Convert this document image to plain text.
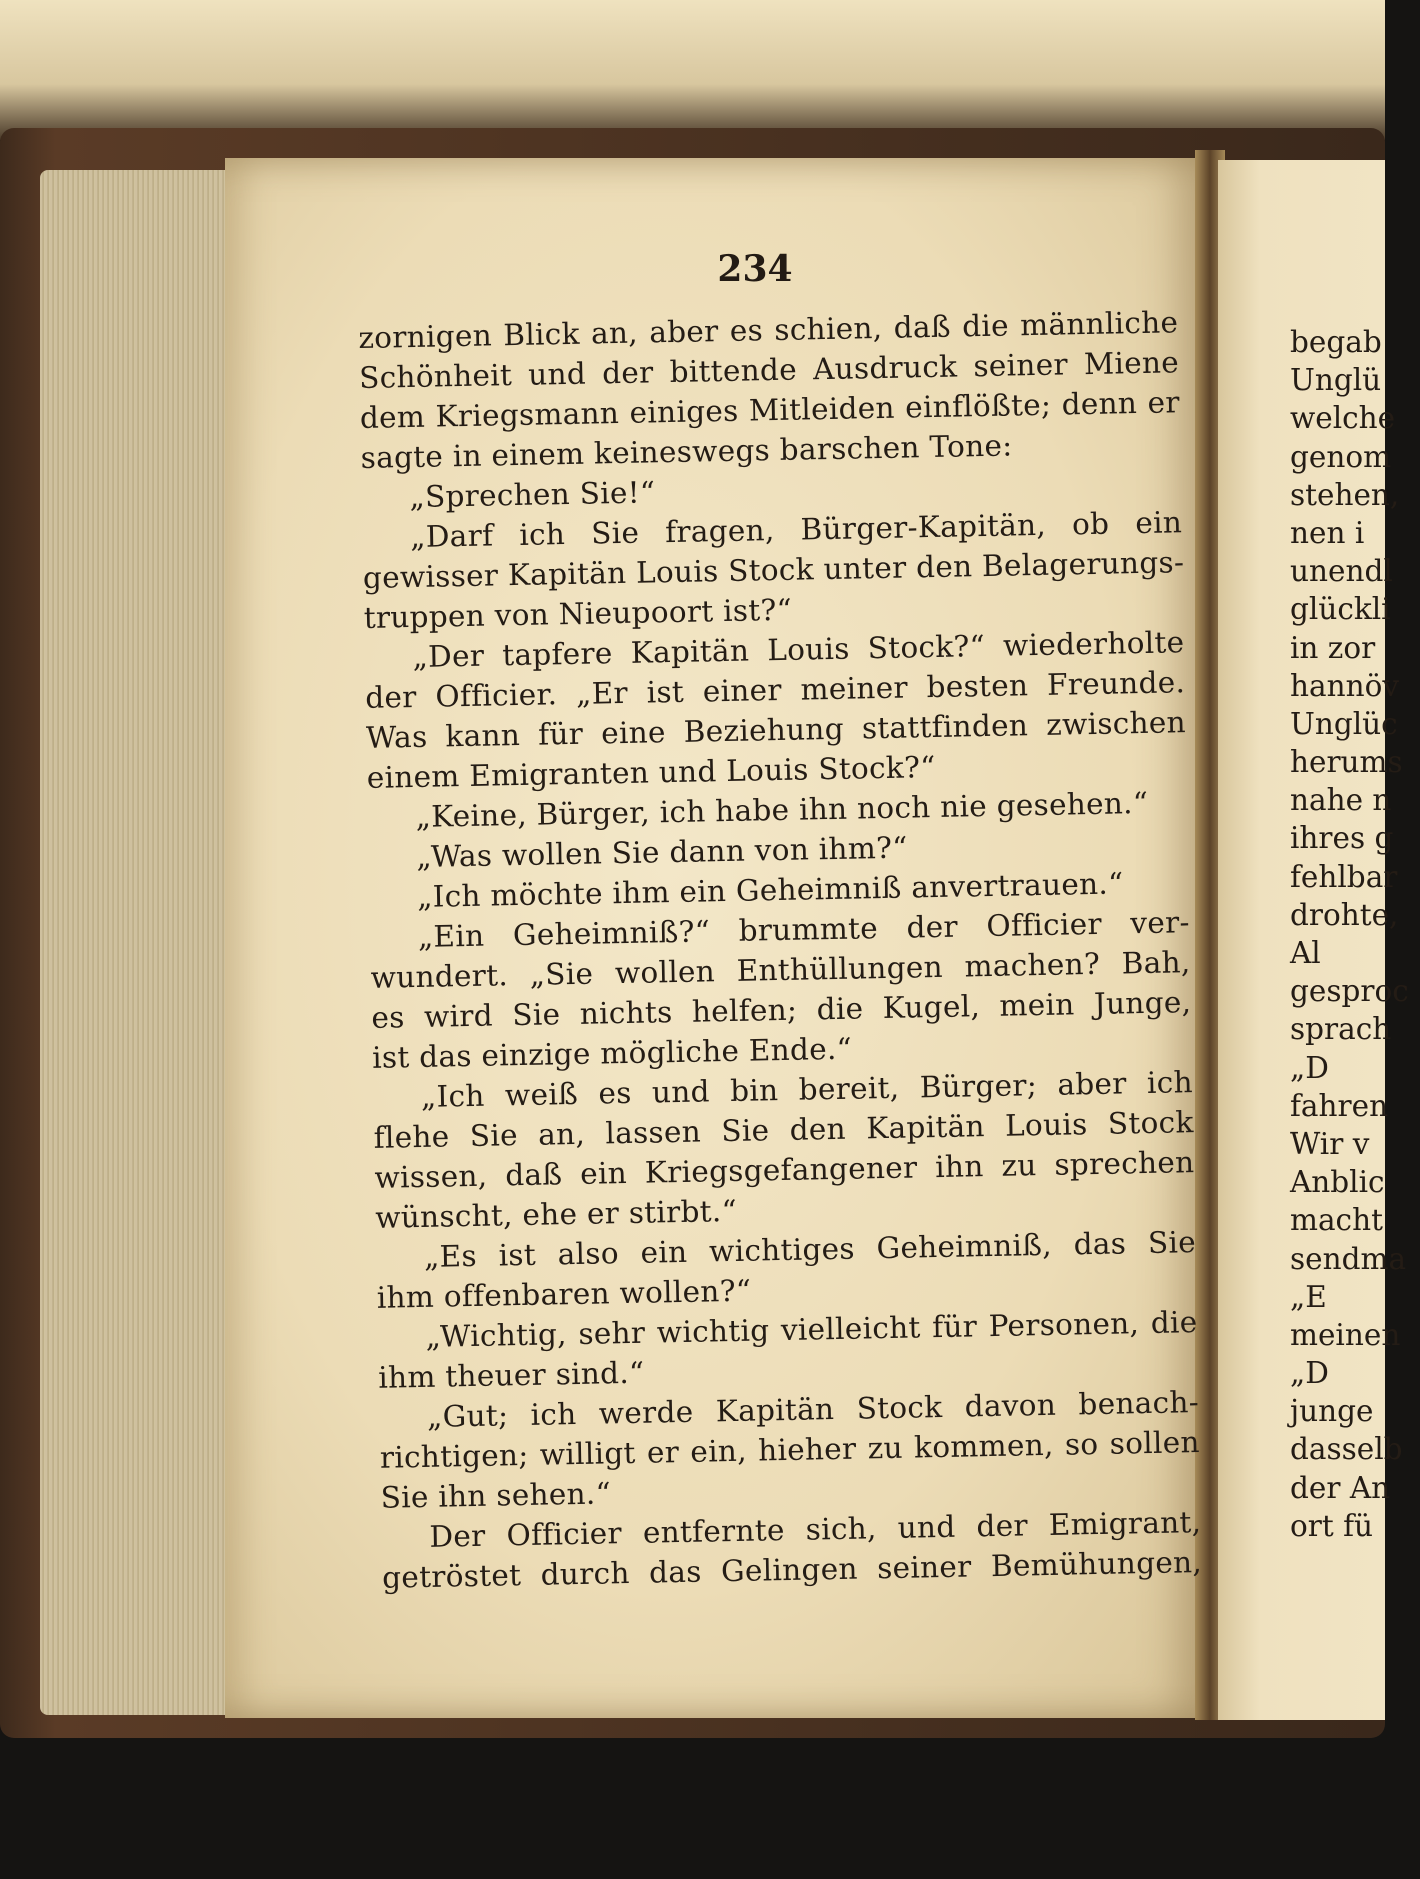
234
zornigen Blick an, aber es schien, daß die männliche
Schönheit und der bittende Ausdruck seiner Miene
dem Kriegsmann einiges Mitleiden einflößte; denn er
sagte in einem keineswegs barschen Tone:
„Sprechen Sie!“
„Darf ich Sie fragen, Bürger-Kapitän, ob ein
gewisser Kapitän Louis Stock unter den Belagerungs-
truppen von Nieupoort ist?“
„Der tapfere Kapitän Louis Stock?“ wiederholte
der Officier. „Er ist einer meiner besten Freunde.
Was kann für eine Beziehung stattfinden zwischen
einem Emigranten und Louis Stock?“
„Keine, Bürger, ich habe ihn noch nie gesehen.“
„Was wollen Sie dann von ihm?“
„Ich möchte ihm ein Geheimniß anvertrauen.“
„Ein Geheimniß?“ brummte der Officier ver-
wundert. „Sie wollen Enthüllungen machen? Bah,
es wird Sie nichts helfen; die Kugel, mein Junge,
ist das einzige mögliche Ende.“
„Ich weiß es und bin bereit, Bürger; aber ich
flehe Sie an, lassen Sie den Kapitän Louis Stock
wissen, daß ein Kriegsgefangener ihn zu sprechen
wünscht, ehe er stirbt.“
„Es ist also ein wichtiges Geheimniß, das Sie
ihm offenbaren wollen?“
„Wichtig, sehr wichtig vielleicht für Personen, die
ihm theuer sind.“
„Gut; ich werde Kapitän Stock davon benach-
richtigen; willigt er ein, hieher zu kommen, so sollen
Sie ihn sehen.“
Der Officier entfernte sich, und der Emigrant,
getröstet durch das Gelingen seiner Bemühungen,
begab
Unglü
welche
genom
stehen,
nen i
unendl
glückli
in zor
hannöv
Unglüc
herums
nahe n
ihres g
fehlbar
drohte,
Al
gesproc
sprach
„D
fahren
Wir v
Anblic
macht
sendma
„E
meinen
„D
junge
dasselb
der An
ort fü
